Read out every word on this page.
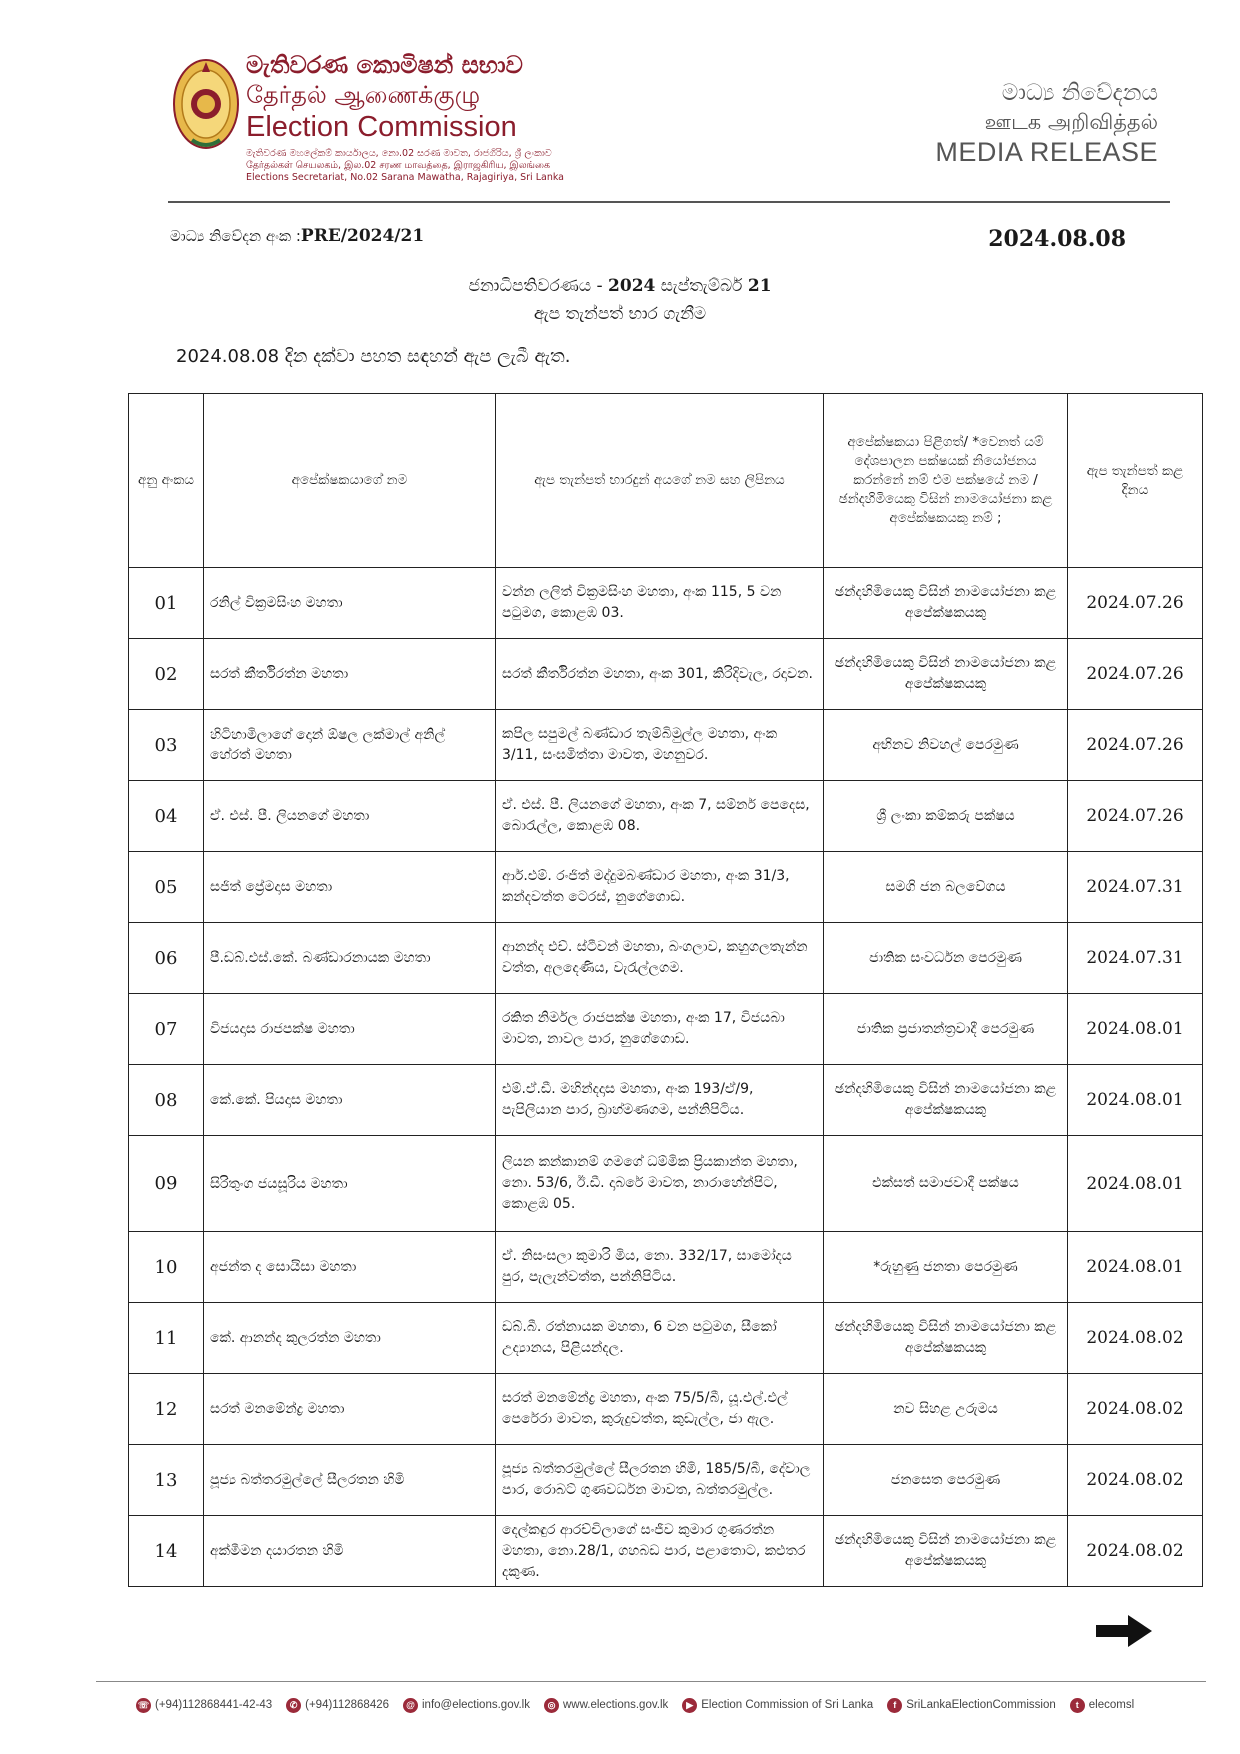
මැතිවරණ කොමිෂන් සභාව
தேர்தல் ஆணைக்குழு
Election Commission
මැතිවරණ මහලේකම් කාර්යාලය, නො.02 සරණ මාවත, රාජගිරිය, ශ්‍රී ලංකාව
தேர்தல்கள் செயலகம், இல.02 சரண மாவத்தை, இராஜகிரிய, இலங்கை
Elections Secretariat, No.02 Sarana Mawatha, Rajagiriya, Sri Lanka
මාධ්‍ය නිවේදනය
ஊடக அறிவித்தல்
MEDIA RELEASE
මාධ්‍ය නිවේදන අංක :PRE/2024/21	2024.08.08
ජනාධිපතිවරණය - 2024 සැප්තැම්බර් 21
ඇප තැන්පත් භාර ගැනීම
2024.08.08 දින දක්වා පහත සඳහන් ඇප ලැබී ඇත.
අනු අංකය	අපේක්ෂකයාගේ නම	ඇප තැන්පත් භාරදුන් අයගේ නම සහ ලිපිනය	අපේක්ෂකයා පිළිගත්/ *වෙනත් යම් දේශපාලන පක්ෂයක් නියෝජනය කරන්නේ නම් එම පක්ෂයේ නම / ඡන්දහිමියෙකු විසින් නාමයෝජනා කළ අපේක්ෂකයකු නම් ;	ඇප තැන්පත් කළ දිනය
01	රනිල් වික්‍රමසිංහ මහතා	වන්න ලලිත් වික්‍රමසිංහ මහතා, අංක 115, 5 වන පටුමග, කොළඹ 03.	ඡන්දහිමියෙකු විසින් නාමයෝජනා කළ අපේක්ෂකයකු	2024.07.26
02	සරත් කීර්තිරත්න මහතා	සරත් කීර්තිරත්න මහතා, අංක 301, කිරිදිවැල, රදාවන.	ඡන්දහිමියෙකු විසින් නාමයෝජනා කළ අපේක්ෂකයකු	2024.07.26
03	හිටිහාමිලාගේ දොන් ඕෂල ලක්මාල් අනිල් හේරත් මහතා	කපිල සපුමල් බණ්ඩාර තැම්බිමුල්ල මහතා, අංක 3/11, සංඝමිත්තා මාවත, මහනුවර.	අභිනව නිවහල් පෙරමුණ	2024.07.26
04	ඒ. එස්. පී. ලියනගේ මහතා	ඒ. එස්. පී. ලියනගේ මහතා, අංක 7, සම්නර් පෙදෙස, බොරැල්ල, කොළඹ 08.	ශ්‍රී ලංකා කම්කරු පක්ෂය	2024.07.26
05	සජිත් ප්‍රේමදාස මහතා	ආර්.එම්. රංජිත් මද්දුමබණ්ඩාර මහතා, අංක 31/3, කන්දවත්ත ටෙරස්, නුගේගොඩ.	සමගි ජන බලවේගය	2024.07.31
06	පී.ඩබ්.එස්.කේ. බණ්ඩාරනායක මහතා	ආනන්ද එච්. ස්ටීවන් මහතා, බංගලාව, කහුගලතැන්න වත්ත, අලදෙණිය, වැරැල්ලගම.	ජාතික සංවර්ධන පෙරමුණ	2024.07.31
07	විජයදාස රාජපක්ෂ මහතා	රකිත නිර්මල රාජපක්ෂ මහතා, අංක 17, විජයබා මාවත, නාවල පාර, නුගේගොඩ.	ජාතික ප්‍රජාතන්ත්‍රවාදී පෙරමුණ	2024.08.01
08	කේ.කේ. පියදාස මහතා	එම්.ඒ.ඩී. මහින්දදාස මහතා, අංක 193/ඒ/9, පැපිලියාන පාර, බ්‍රාහ්මණගම, පන්නිපිටිය.	ඡන්දහිමියෙකු විසින් නාමයෝජනා කළ අපේක්ෂකයකු	2024.08.01
09	සිරිතුංග ජයසූරිය මහතා	ලියන කන්කානම් ගමගේ ධම්මික ප්‍රියකාන්ත මහතා, නො. 53/6, ඊ.ඩී. දාබරේ මාවත, නාරාහේන්පිට, කොළඹ 05.	එක්සත් සමාජවාදී පක්ෂය	2024.08.01
10	අජන්ත ද සොයිසා මහතා	ඒ. නිසංසලා කුමාරි මිය, නො. 332/17, සාමෝදය පුර, පැලැන්වත්ත, පන්නිපිටිය.	*රුහුණු ජනතා පෙරමුණ	2024.08.01
11	කේ. ආනන්ද කුලරත්න මහතා	ඩබ්.බී. රත්නායක මහතා, 6 වන පටුමග, සීකෝ උද්‍යානය, පිළියන්දල.	ඡන්දහිමියෙකු විසින් නාමයෝජනා කළ අපේක්ෂකයකු	2024.08.02
12	සරත් මනමේන්ද්‍ර මහතා	සරත් මනමේන්ද්‍ර මහතා, අංක 75/5/බී, යූ.එල්.එල් පෙරේරා මාවත, කුරුදුවත්ත, කුඩැල්ල, ජා ඇල.	නව සිහළ උරුමය	2024.08.02
13	පූජ්‍ය බත්තරමුල්ලේ සීලරතන හිමි	පූජ්‍ය බත්තරමුල්ලේ සීලරතන හිමි, 185/5/බී, දේවාල පාර, රොබට් ගුණවර්ධන මාවත, බත්තරමුල්ල.	ජනසෙත පෙරමුණ	2024.08.02
14	අක්මීමන දයාරතන හිමි	දෙල්කඳුර ආරච්චිලාගේ සංජීව කුමාර ගුණරත්න මහතා, නො.28/1, ගහබඩ පාර, පළාතොට, කළුතර දකුණ.	ඡන්දහිමියෙකු විසින් නාමයෝජනා කළ අපේක්ෂකයකු	2024.08.02
☏ (+94)112868441-42-43	✆ (+94)112868426	@ info@elections.gov.lk	◎ www.elections.gov.lk	▶ Election Commission of Sri Lanka	f SriLankaElectionCommission	t elecomsl
